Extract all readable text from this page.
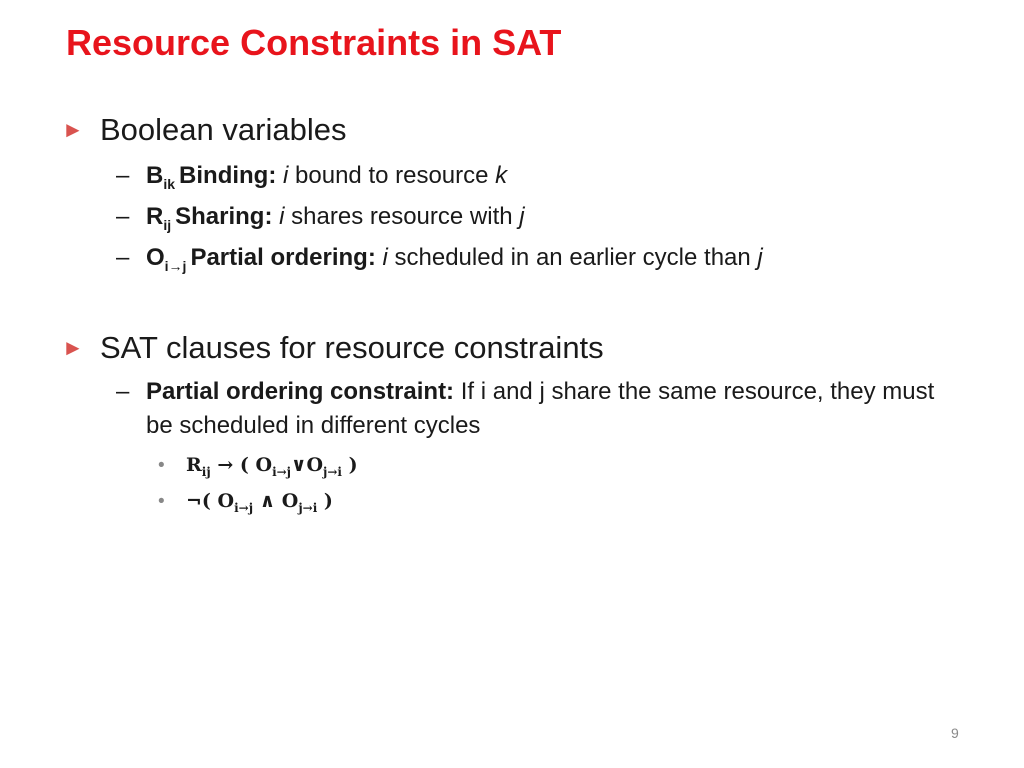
Resource Constraints in SAT
► Boolean variables
– $B_{ik}$ Binding: i bound to resource k
– $R_{ij}$ Sharing: i shares resource with j
– $O_{i\to j}$ Partial ordering: i scheduled in an earlier cycle than j
► SAT clauses for resource constraints
– Partial ordering constraint: If i and j share the same resource, they must be scheduled in different cycles
• $R_{ij}$ → ( $O_{i\to j}\vee O_{j\to i}$ )
• ¬( $O_{i\to j}$ ∧ $O_{j\to i}$ )
9
